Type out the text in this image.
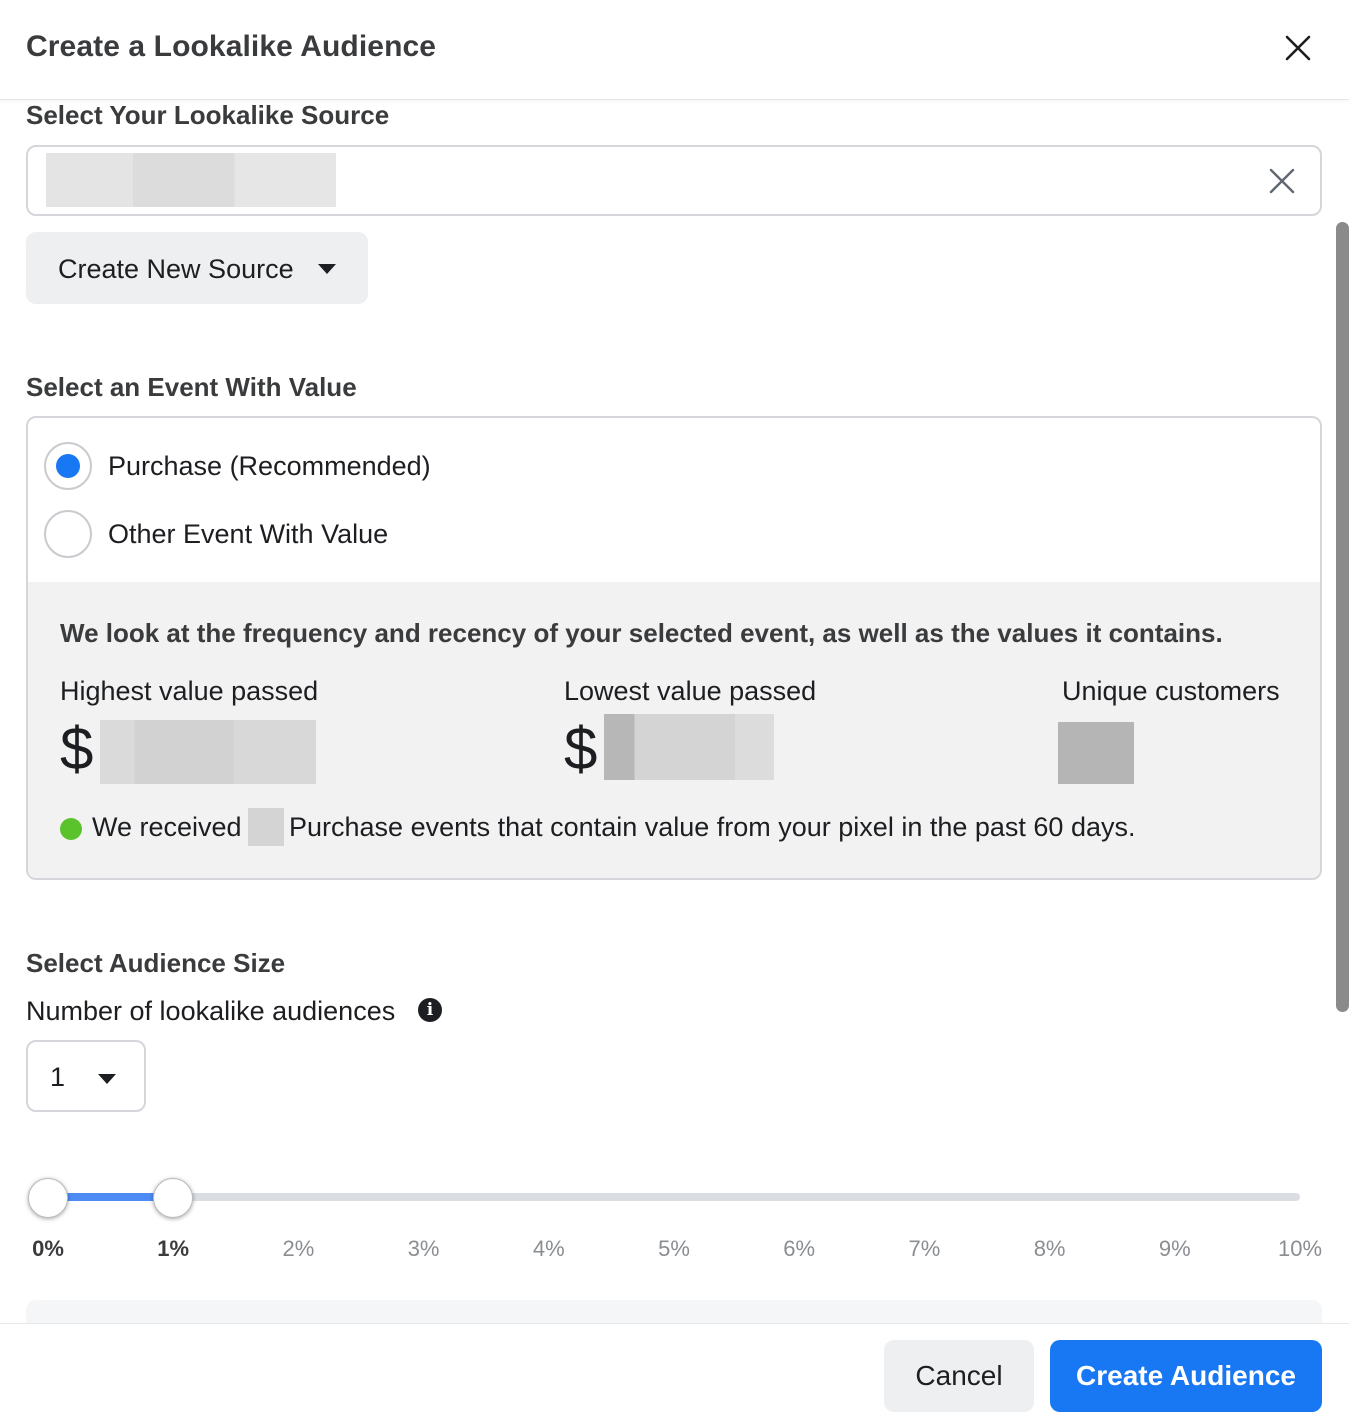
Create a Lookalike Audience
Select Your Lookalike Source
Create New Source
Select an Event With Value
Purchase (Recommended)
Other Event With Value
We look at the frequency and recency of your selected event, as well as the values it contains.
Highest value passed
$
Lowest value passed
$
Unique customers
We received Purchase events that contain value from your pixel in the past 60 days.
Select Audience Size
Number of lookalike audiences	i
1
0%	1%	2%	3%	4%	5%	6%	7%	8%	9%	10%
Cancel	Create Audience
